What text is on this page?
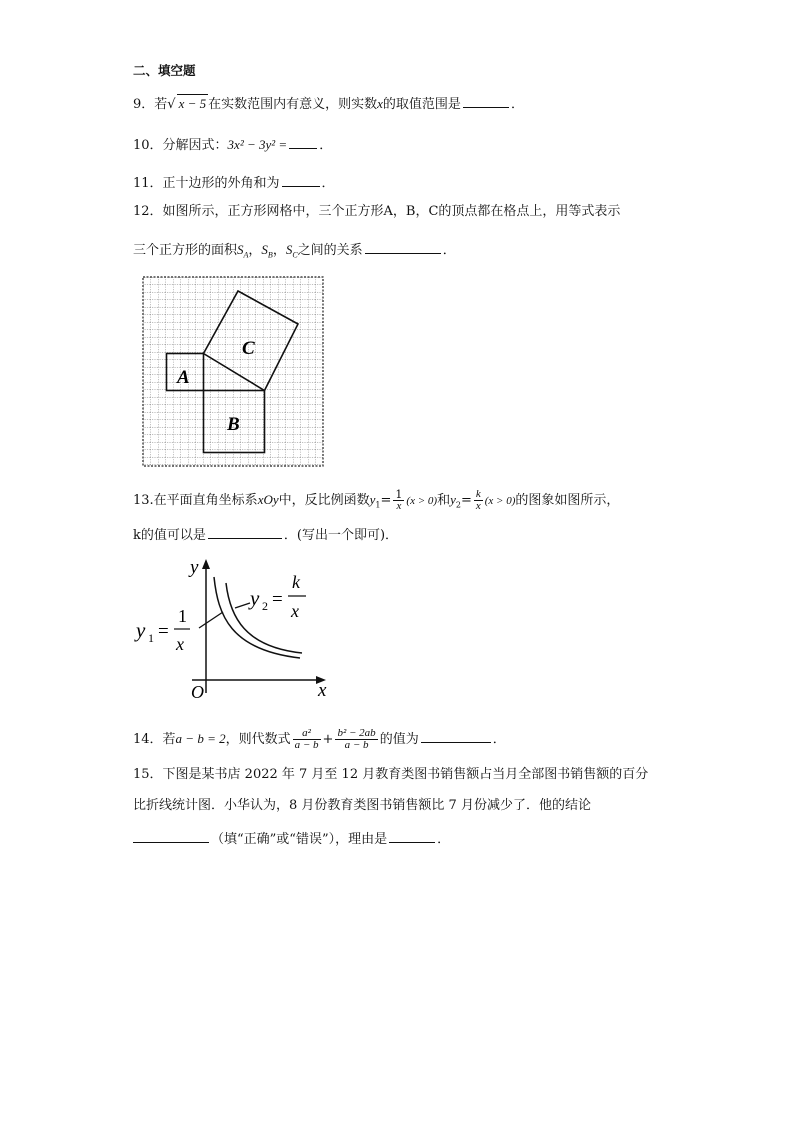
二、填空题
9．若√ x − 5 在实数范围内有意义，则实数x的取值范围是	．
10．分解因式：3x² − 3y² = ．
11．正十边形的外角和为	．
12．如图所示，正方形网格中，三个正方形A，B，C的顶点都在格点上，用等式表示
三个正方形的面积$S_A$，$S_B$，$S_C$之间的关系	．
A
B
C
13.在平面直角坐标系xOy中，反比例函数$y_1= \frac{1}{x} (x > 0)$和$y_2= \frac{k}{x} (x > 0)$的图象如图所示，
k的值可以是	．(写出一个即可)．
y
x
O
y 1 =
1
x
y 2 =
k
x
14．若a − b = 2，则代数式 $\frac{\text{a²}}{a - b} + \frac{\text{b² − 2ab}}{a - b}$ 的值为	．
15．下图是某书店 2022 年 7 月至 12 月教育类图书销售额占当月全部图书销售额的百分
比折线统计图．小华认为，8 月份教育类图书销售额比 7 月份减少了．他的结论
（填“正确”或“错误”），理由是	．
